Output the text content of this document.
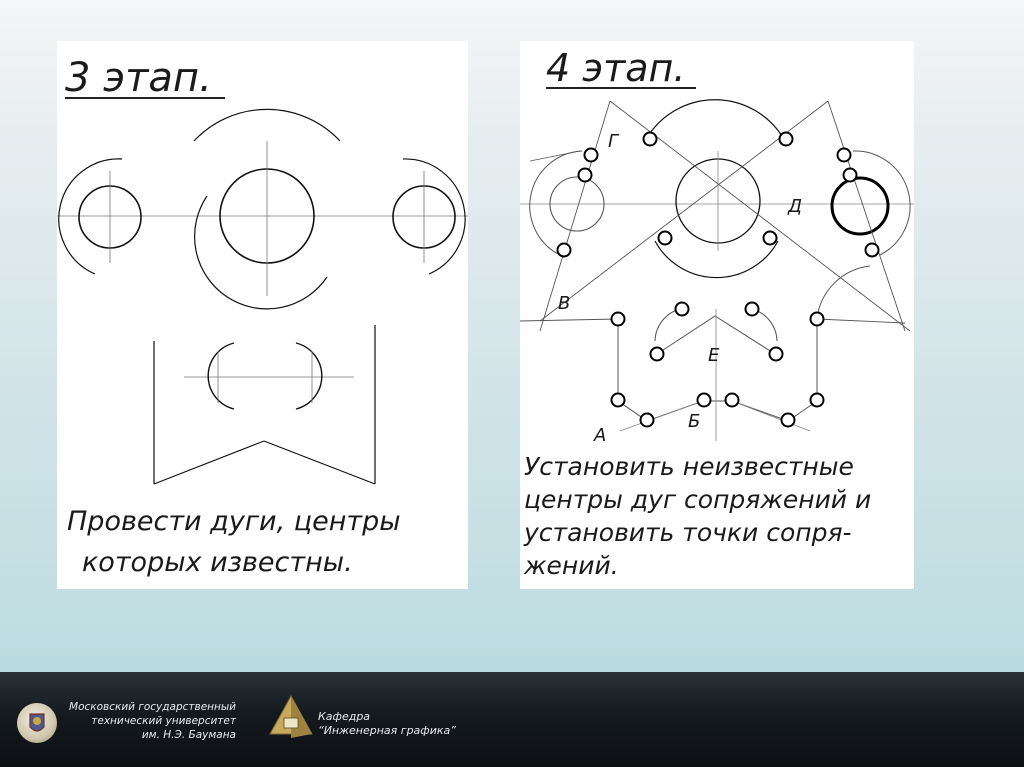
3 этап.
Провести дуги, центры
которых известны.
4 этап.
Г
Д
В
Е
А
Б
Установить неизвестные
центры дуг сопряжений и
установить точки сопря-
жений.
Московский государственный
технический университет
им. Н.Э. Баумана
Кафедра
“Инженерная графика”
